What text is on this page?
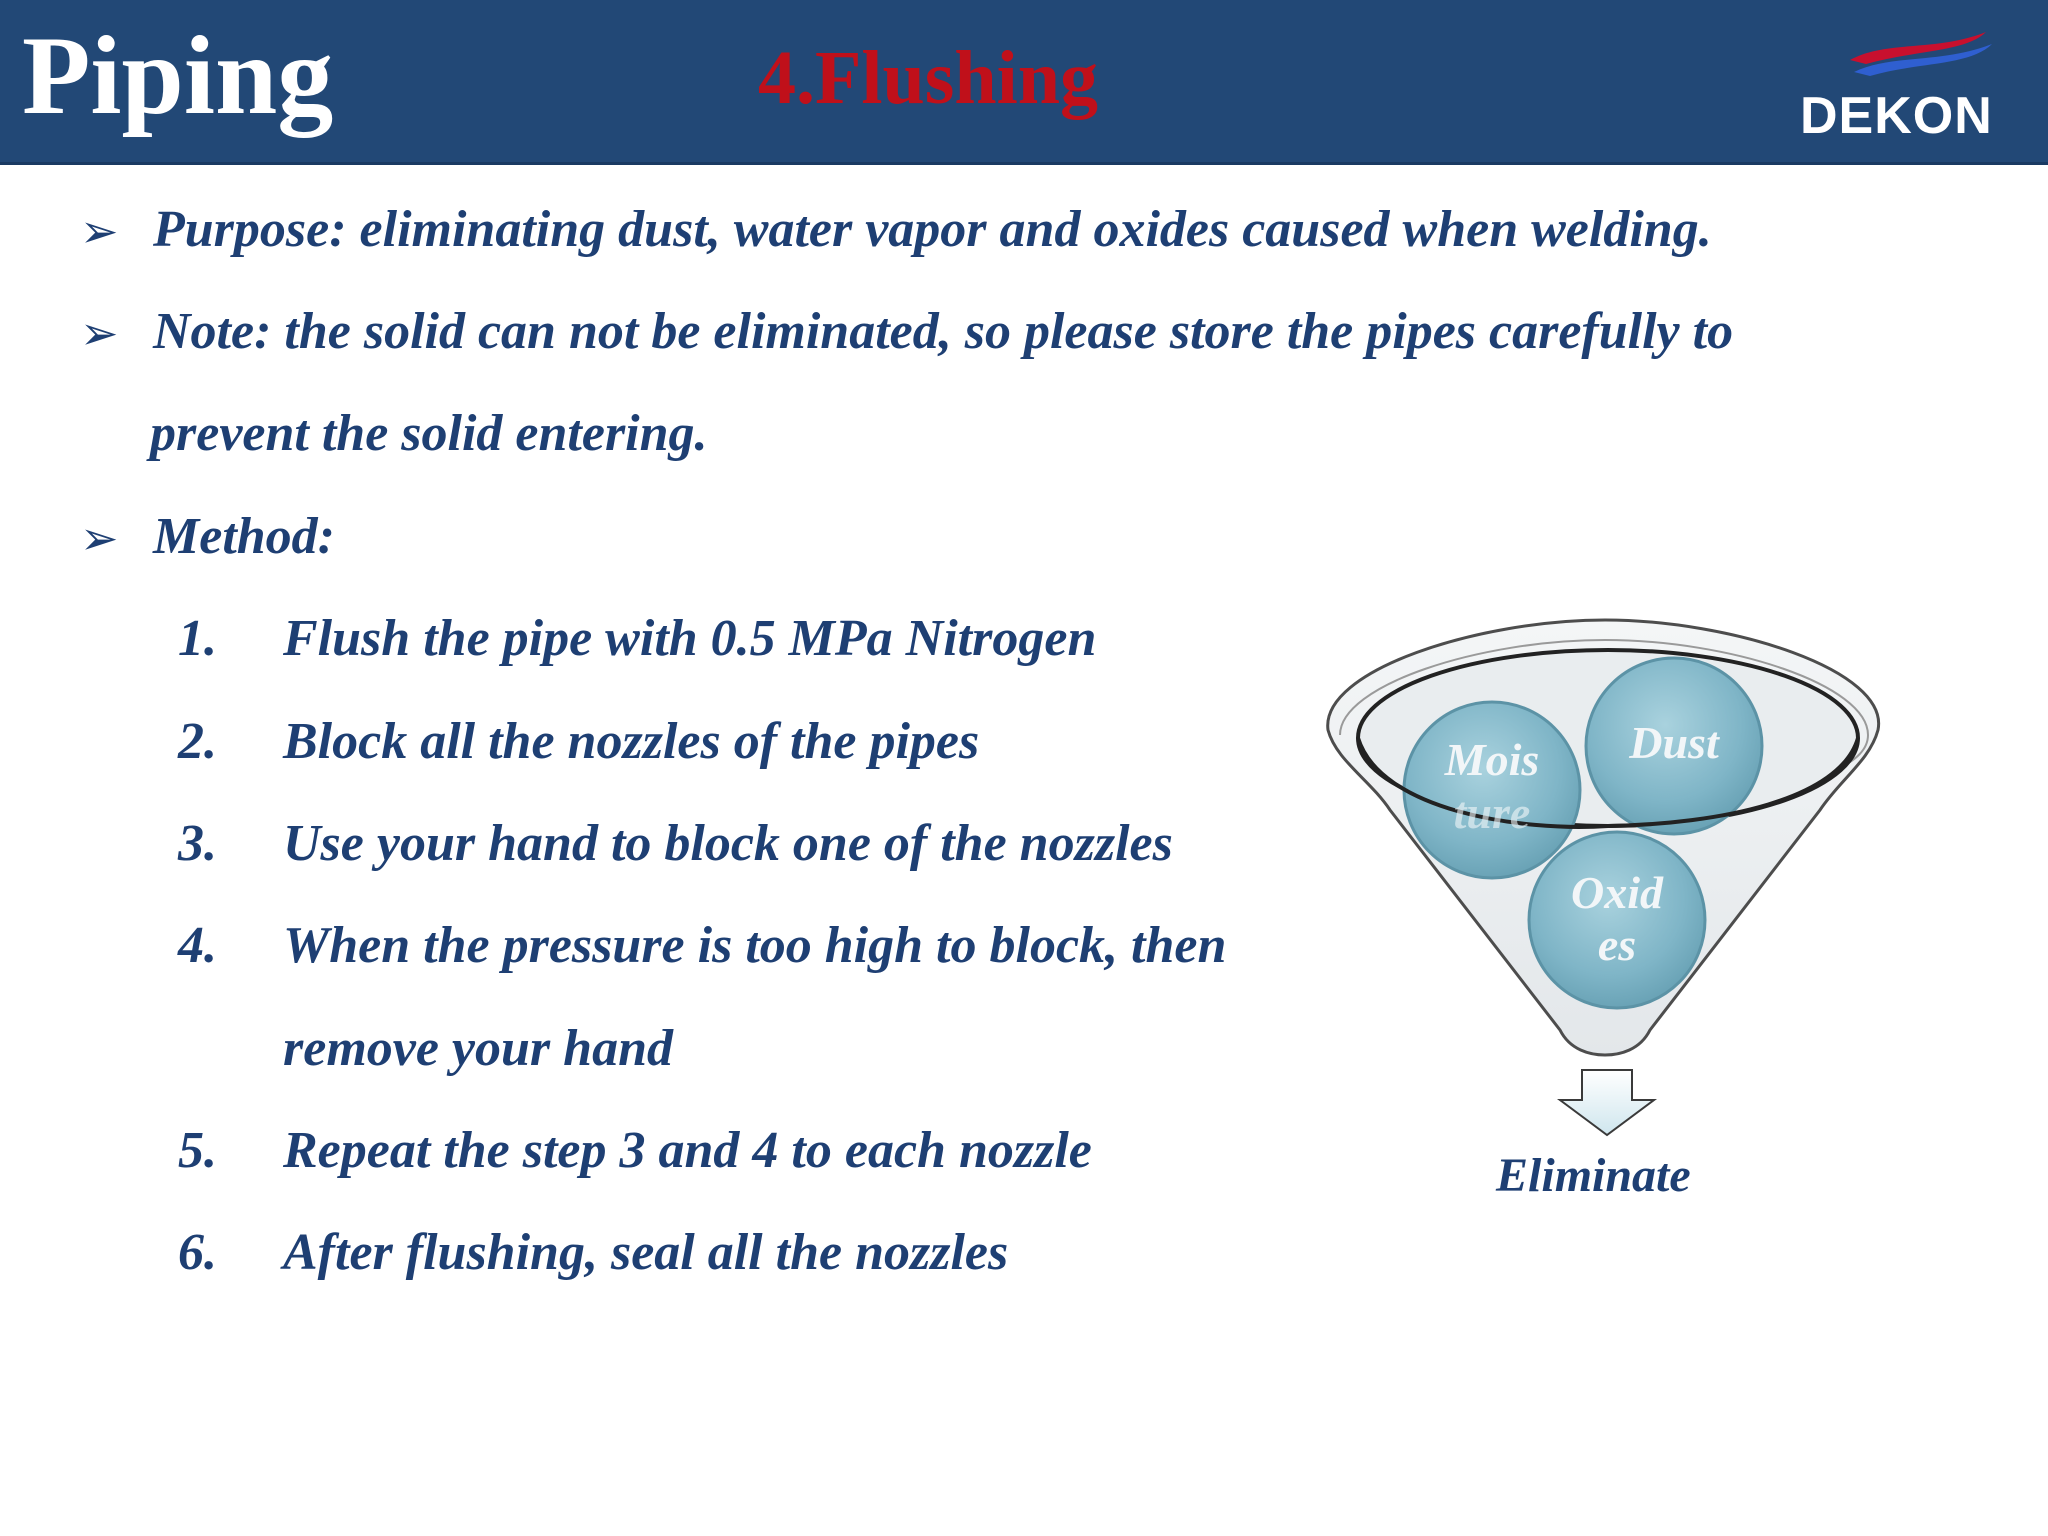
Piping	4.Flushing	DEKON
➢ Purpose: eliminating dust, water vapor and oxides caused when welding.
➢ Note: the solid can not be eliminated, so please store the pipes carefully to
prevent the solid entering.
➢ Method:
1. Flush the pipe with 0.5 MPa Nitrogen
2. Block all the nozzles of the pipes
3. Use your hand to block one of the nozzles
4. When the pressure is too high to block, then
remove your hand
5. Repeat the step 3 and 4 to each nozzle
6. After flushing, seal all the nozzles
Mois
ture
Dust
Oxid
es
Eliminate
